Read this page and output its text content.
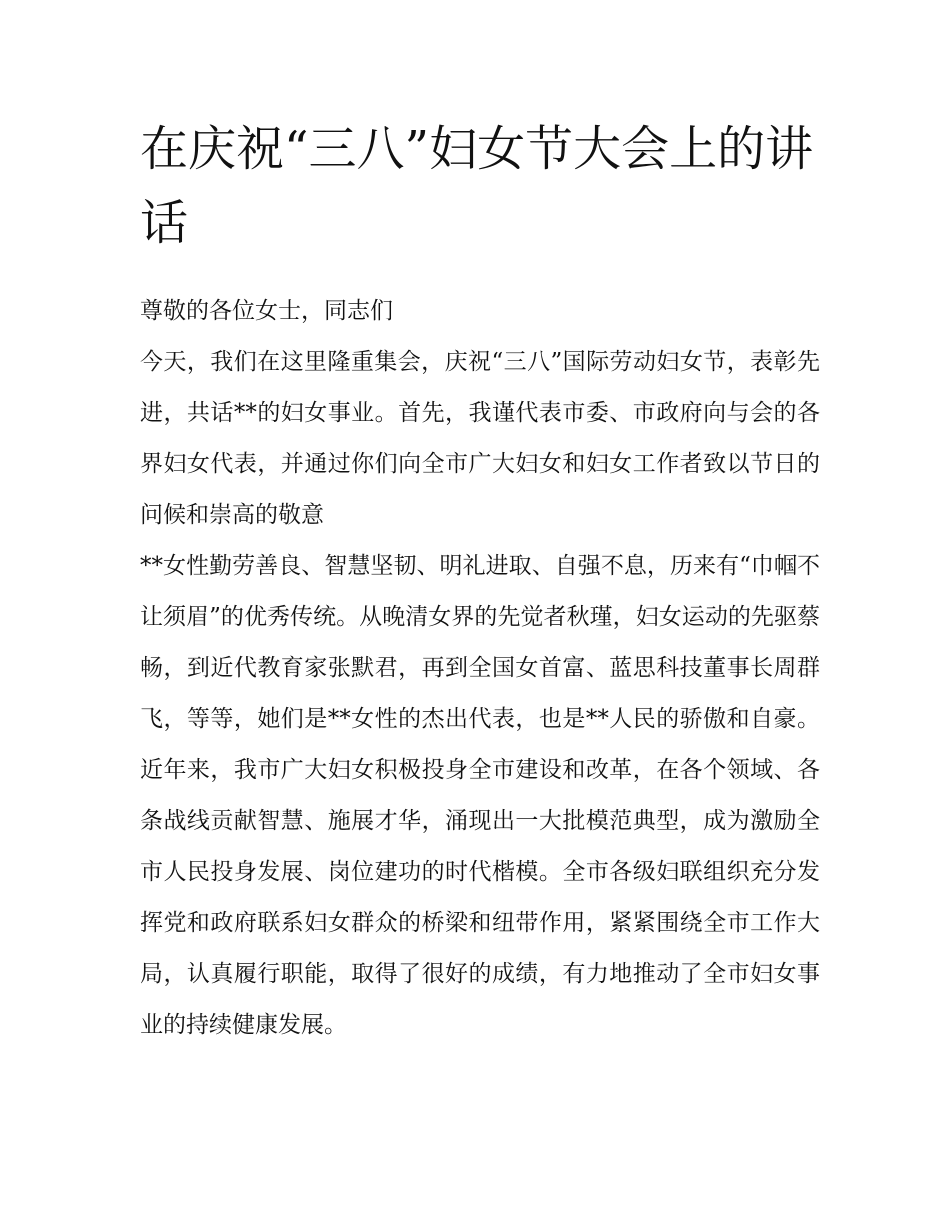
在庆祝“三八”妇女节大会上的讲话

尊敬的各位女士，同志们

今天，我们在这里隆重集会，庆祝“三八”国际劳动妇女节，表彰先进，共话**的妇女事业。首先，我谨代表市委、市政府向与会的各界妇女代表，并通过你们向全市广大妇女和妇女工作者致以节日的问候和崇高的敬意

**女性勤劳善良、智慧坚韧、明礼进取、自强不息，历来有“巾帼不让须眉”的优秀传统。从晚清女界的先觉者秋瑾，妇女运动的先驱蔡畅，到近代教育家张默君，再到全国女首富、蓝思科技董事长周群飞，等等，她们是**女性的杰出代表，也是**人民的骄傲和自豪。近年来，我市广大妇女积极投身全市建设和改革，在各个领域、各条战线贡献智慧、施展才华，涌现出一大批模范典型，成为激励全市人民投身发展、岗位建功的时代楷模。全市各级妇联组织充分发挥党和政府联系妇女群众的桥梁和纽带作用，紧紧围绕全市工作大局，认真履行职能，取得了很好的成绩，有力地推动了全市妇女事业的持续健康发展。
